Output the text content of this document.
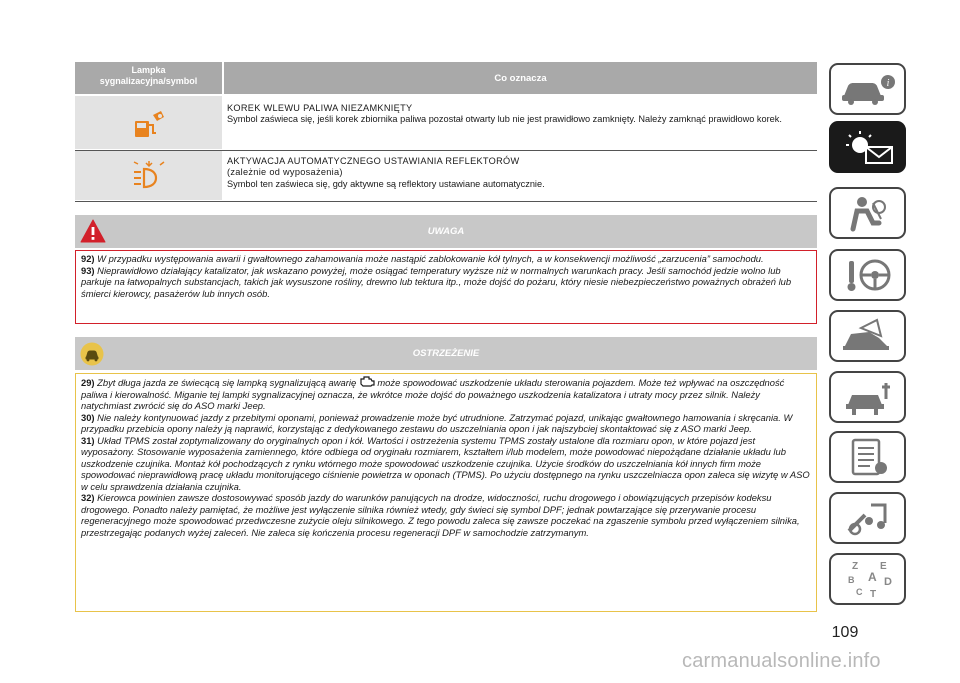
Lampka
sygnalizacyjna/symbol	Co oznacza
KOREK WLEWU PALIWA NIEZAMKNIĘTY
Symbol zaświeca się, jeśli korek zbiornika paliwa pozostał otwarty lub nie jest prawidłowo zamknięty. Należy zamknąć prawidłowo korek.
AKTYWACJA AUTOMATYCZNEGO USTAWIANIA REFLEKTORÓW
(zależnie od wyposażenia)
Symbol ten zaświeca się, gdy aktywne są reflektory ustawiane automatycznie.
UWAGA

92) W przypadku występowania awarii i gwałtownego zahamowania może nastąpić zablokowanie kół tylnych, a w konsekwencji możliwość „zarzucenia” samochodu.

93) Nieprawidłowo działający katalizator, jak wskazano powyżej, może osiągać temperatury wyższe niż w normalnych warunkach pracy. Jeśli samochód jedzie wolno lub parkuje na łatwopalnych substancjach, takich jak wysuszone rośliny, drewno lub tektura itp., może dojść do pożaru, który niesie niebezpieczeństwo poważnych obrażeń lub śmierci kierowcy, pasażerów lub innych osób.

OSTRZEŻENIE

29) Zbyt długa jazda ze świecącą się lampką sygnalizującą awarię może spowodować uszkodzenie układu sterowania pojazdem. Może też wpływać na oszczędność paliwa i kierowalność. Miganie tej lampki sygnalizacyjnej oznacza, że wkrótce może dojść do poważnego uszkodzenia katalizatora i utraty mocy przez silnik. Należy natychmiast zwrócić się do ASO marki Jeep.

30) Nie należy kontynuować jazdy z przebitymi oponami, ponieważ prowadzenie może być utrudnione. Zatrzymać pojazd, unikając gwałtownego hamowania i skręcania. W przypadku przebicia opony należy ją naprawić, korzystając z dedykowanego zestawu do uszczelniania opon i jak najszybciej skontaktować się z ASO marki Jeep.

31) Układ TPMS został zoptymalizowany do oryginalnych opon i kół. Wartości i ostrzeżenia systemu TPMS zostały ustalone dla rozmiaru opon, w które pojazd jest wyposażony. Stosowanie wyposażenia zamiennego, które odbiega od oryginału rozmiarem, kształtem i/lub modelem, może powodować niepożądane działanie układu lub uszkodzenie czujnika. Montaż kół pochodzących z rynku wtórnego może spowodować uszkodzenie czujnika. Użycie środków do uszczelniania kół innych firm może spowodować nieprawidłową pracę układu monitorującego ciśnienie powietrza w oponach (TPMS). Po użyciu dostępnego na rynku uszczelniacza opon zaleca się wizytę w ASO w celu sprawdzenia działania czujnika.

32) Kierowca powinien zawsze dostosowywać sposób jazdy do warunków panujących na drodze, widoczności, ruchu drogowego i obowiązujących przepisów kodeksu drogowego. Ponadto należy pamiętać, że możliwe jest wyłączenie silnika również wtedy, gdy świeci się symbol DPF; jednak powtarzające się przerywanie procesu regeneracyjnego może spowodować przedwczesne zużycie oleju silnikowego. Z tego powodu zaleca się zawsze poczekać na zgaszenie symbolu przed wyłączeniem silnika, przestrzegając podanych wyżej zaleceń. Nie zaleca się kończenia procesu regeneracji DPF w samochodzie zatrzymanym.

i
Z E
B A D
C T
109
carmanualsonline.info
